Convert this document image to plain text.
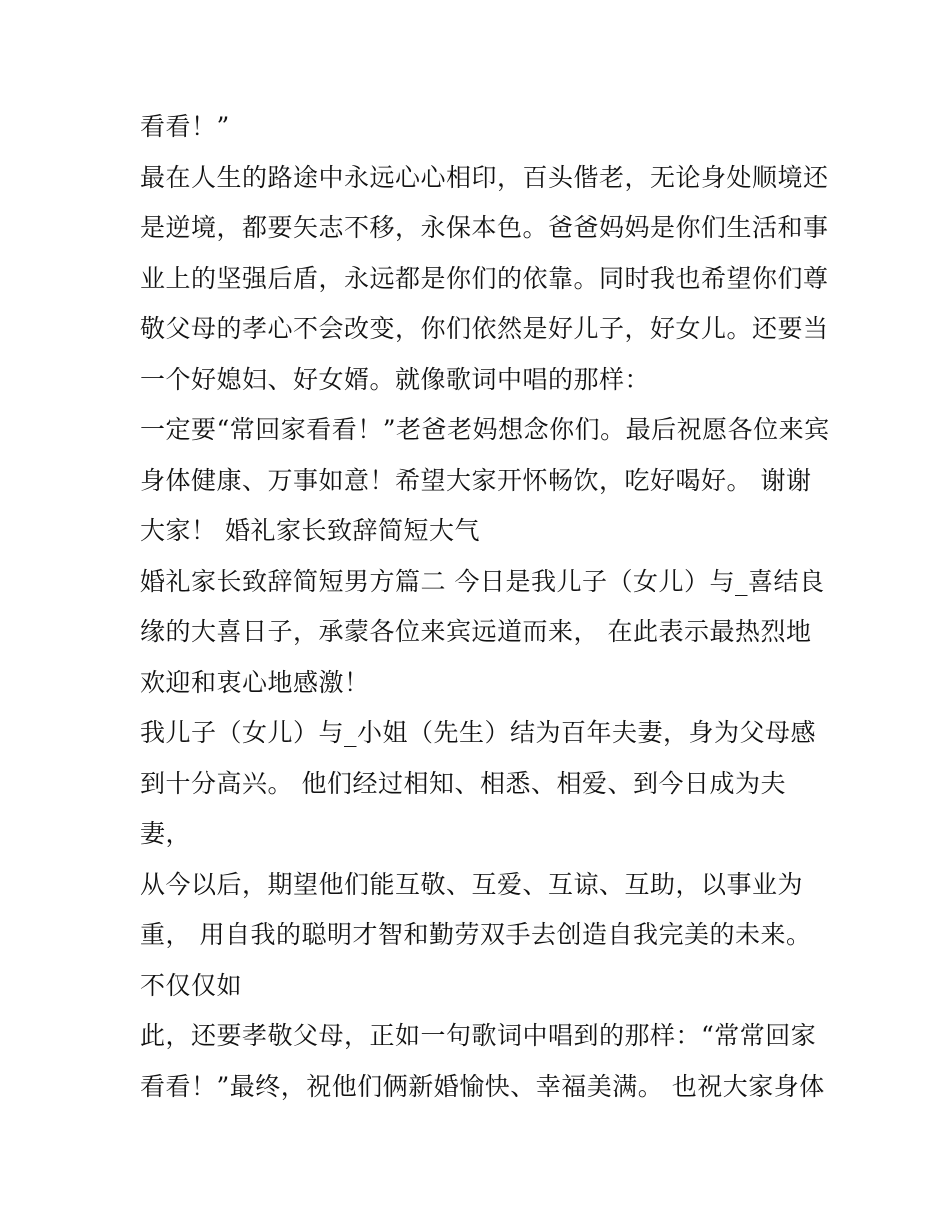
看看！”
最在人生的路途中永远心心相印，百头偕老，无论身处顺境还
是逆境，都要矢志不移，永保本色。爸爸妈妈是你们生活和事
业上的坚强后盾，永远都是你们的依靠。同时我也希望你们尊
敬父母的孝心不会改变，你们依然是好儿子，好女儿。还要当
一个好媳妇、好女婿。就像歌词中唱的那样：
一定要“常回家看看！”老爸老妈想念你们。最后祝愿各位来宾
身体健康、万事如意！希望大家开怀畅饮，吃好喝好。 谢谢
大家！ 婚礼家长致辞简短大气
婚礼家长致辞简短男方篇二 今日是我儿子（女儿）与_喜结良
缘的大喜日子，承蒙各位来宾远道而来， 在此表示最热烈地
欢迎和衷心地感激！
我儿子（女儿）与_小姐（先生）结为百年夫妻，身为父母感
到十分高兴。 他们经过相知、相悉、相爱、到今日成为夫
妻，
从今以后，期望他们能互敬、互爱、互谅、互助，以事业为
重， 用自我的聪明才智和勤劳双手去创造自我完美的未来。
不仅仅如
此，还要孝敬父母，正如一句歌词中唱到的那样：“常常回家
看看！”最终，祝他们俩新婚愉快、幸福美满。 也祝大家身体
